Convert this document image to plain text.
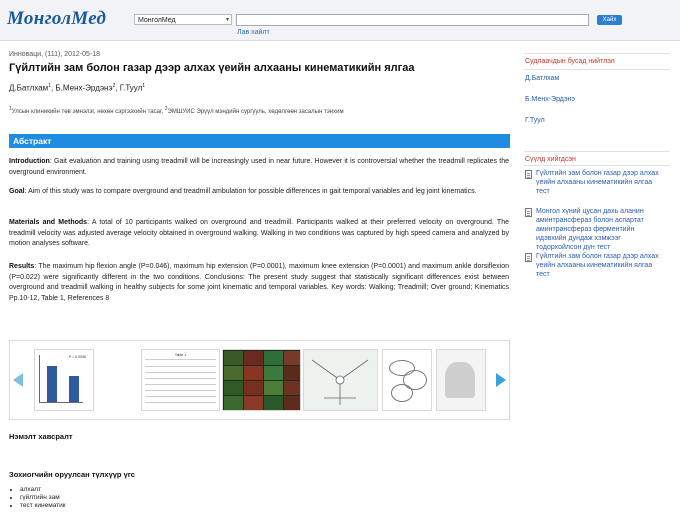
МонголМед	МонголМед	▾	Хайх
Лав хайлт
Инноваци, (111), 2012-05-18
Гүйлтийн зам болон газар дээр алхах үеийн алхааны кинематикийн ялгаа
Д.Батлхам$^1$, Б.Менх-Эрдэнэ$^2$, Г.Туул$^1$
$^1$Улсын клиникийн төв эмнэлэг, нөхөн сэргээхийн тасаг, $^2$ЭМШУИС Эрүүл мэндийн сургууль, хөдөлгөөн засалын тэнхим
Абстракт

Introduction: Gait evaluation and training using treadmill will be increasingly used in near future. However it is controversial whether the treadmill replicates the overground environment.

Goal: Aim of this study was to compare overground and treadmill ambulation for possible differences in gait temporal variables and leg joint kinematics.

Materials and Methods: A total of 10 participants walked on overground and treadmill. Participants walked at their preferred velocity on overground. The treadmill velocity was adjusted average velocity obtained in overground walking. Walking in two conditions was captured by high speed camera and analyzed by motion analyses software.

Results: The maximum hip flexion angle (P=0.046), maximum hip extension (P=0.0001), maximum knee extension (P=0.0001) and maximum ankle dorsiflexion (P=0.022) were significantly different in the two conditions. Conclusions: The present study suggest that statistically significant differences exist between overground and treadmill walking in healthy subjects for some joint kinematic and temporal variables. Key words: Walking; Treadmill; Over ground; Kinematics Pp.10-12, Table 1, References 8

P = 0.0046	Table 1
Нэмэлт хавсралт
Зохиогчийн оруулсан түлхүүр үгс
• алхалт
• гүйлтийн зам
• тест кинематик
Судлаачдын бусад нийтлэл
Д.Батлхам
Б.Менх-Эрдэнэ
Г.Туул
Сүүлд хийгдсэн
Гүйлтийн зам болон газар дээр алхах үеийн алхааны кинематикийн ялгаа тест
Монгол хүний цусан дахь аланин аминтрансфераз болон аспартат аминтрансфераз ферментийн идэвхийн дундаж хэмжээг тодорхойлсон дүн тест
Гүйлтийн зам болон газар дээр алхах үеийн алхааны кинематикийн ялгаа тест
